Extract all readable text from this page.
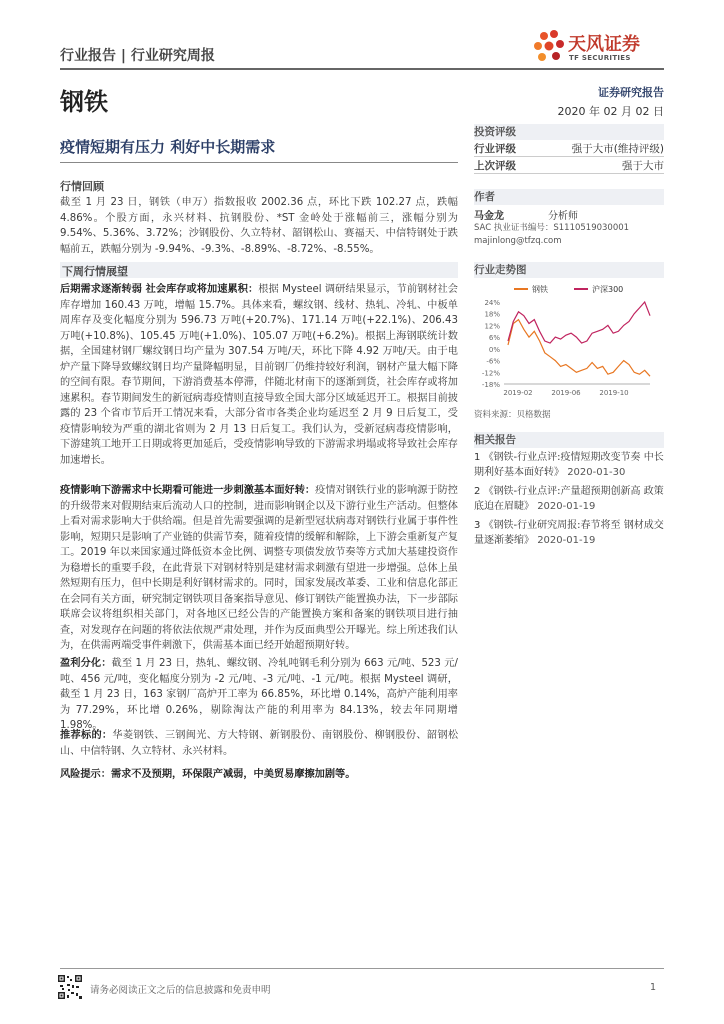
行业报告 | 行业研究周报
天风证券
TF SECURITIES
钢铁	证券研究报告
2020 年 02 月 02 日
疫情短期有压力 利好中长期需求
行情回顾
截至 1 月 23 日，钢铁（申万）指数报收 2002.36 点，环比下跌 102.27 点，跌幅 4.86%。个股方面，永兴材料、抗钢股份、*ST 金岭处于涨幅前三，涨幅分别为 9.54%、5.36%、3.72%；沙钢股份、久立特材、韶钢松山、赛福天、中信特钢处于跌幅前五，跌幅分别为 -9.94%、-9.3%、-8.89%、-8.72%、-8.55%。
下周行情展望
后期需求逐渐转弱 社会库存或将加速累积：根据 Mysteel 调研结果显示，节前钢材社会库存增加 160.43 万吨，增幅 15.7%。具体来看，螺纹钢、线材、热轧、冷轧、中板单周库存及变化幅度分别为 596.73 万吨(+20.7%)、171.14 万吨(+22.1%)、206.43 万吨(+10.8%)、105.45 万吨(+1.0%)、105.07 万吨(+6.2%)。根据上海钢联统计数据，全国建材钢厂螺纹钢日均产量为 307.54 万吨/天，环比下降 4.92 万吨/天。由于电炉产量下降导致螺纹钢日均产量降幅明显，目前钢厂仍维持较好利润，钢材产量大幅下降的空间有限。春节期间，下游消费基本停滞，伴随北材南下的逐渐到货，社会库存或将加速累积。春节期间发生的新冠病毒疫情则直接导致全国大部分区域延迟开工。根据目前披露的 23 个省市节后开工情况来看，大部分省市各类企业均延迟至 2 月 9 日后复工，受疫情影响较为严重的湖北省则为 2 月 13 日后复工。我们认为，受新冠病毒疫情影响，下游建筑工地开工日期或将更加延后，受疫情影响导致的下游需求坍塌或将导致社会库存加速增长。
疫情影响下游需求中长期看可能进一步刺激基本面好转：疫情对钢铁行业的影响源于防控的升级带来对假期结束后流动人口的控制，进而影响钢企以及下游行业生产活动。但整体上看对需求影响大于供给端。但是首先需要强调的是新型冠状病毒对钢铁行业属于事件性影响，短期只是影响了产业链的供需节奏，随着疫情的缓解和解除，上下游会重新复产复工。2019 年以来国家通过降低资本金比例、调整专项债发放节奏等方式加大基建投资作为稳增长的重要手段，在此背景下对钢材特别是建材需求刺激有望进一步增强。总体上虽然短期有压力，但中长期是利好钢材需求的。同时，国家发展改革委、工业和信息化部正在会同有关方面，研究制定钢铁项目备案指导意见、修订钢铁产能置换办法，下一步部际联席会议将组织相关部门，对各地区已经公告的产能置换方案和备案的钢铁项目进行抽查，对发现存在问题的将依法依规严肃处理，并作为反面典型公开曝光。综上所述我们认为，在供需两端受事件刺激下，供需基本面已经开始超预期好转。
盈利分化：截至 1 月 23 日，热轧、螺纹钢、冷轧吨钢毛利分别为 663 元/吨、523 元/吨、456 元/吨，变化幅度分别为 -2 元/吨、-3 元/吨、-1 元/吨。根据 Mysteel 调研，截至 1 月 23 日，163 家钢厂高炉开工率为 66.85%，环比增 0.14%，高炉产能利用率为 77.29%，环比增 0.26%，剔除淘汰产能的利用率为 84.13%，较去年同期增 1.98%。
推荐标的：华菱钢铁、三钢闽光、方大特钢、新钢股份、南钢股份、柳钢股份、韶钢松山、中信特钢、久立特材、永兴材料。
风险提示：需求不及预期，环保限产减弱，中美贸易摩擦加剧等。
投资评级
行业评级	强于大市(维持评级)
上次评级	强于大市
作者
马金龙	分析师
SAC 执业证书编号：S1110519030001
majinlong@tfzq.com
行业走势图
钢铁	沪深300
24%
18%
12%
6%
0%
-6%
-12%
-18%
2019-02	2019-06	2019-10
资料来源：贝格数据
相关报告
1 《钢铁-行业点评:疫情短期改变节奏 中长期利好基本面好转》 2020-01-30
2 《钢铁-行业点评:产量超预期创新高 政策底迫在眉睫》 2020-01-19
3 《钢铁-行业研究周报:春节将至 钢材成交量逐渐萎缩》 2020-01-19
请务必阅读正文之后的信息披露和免责申明	1
